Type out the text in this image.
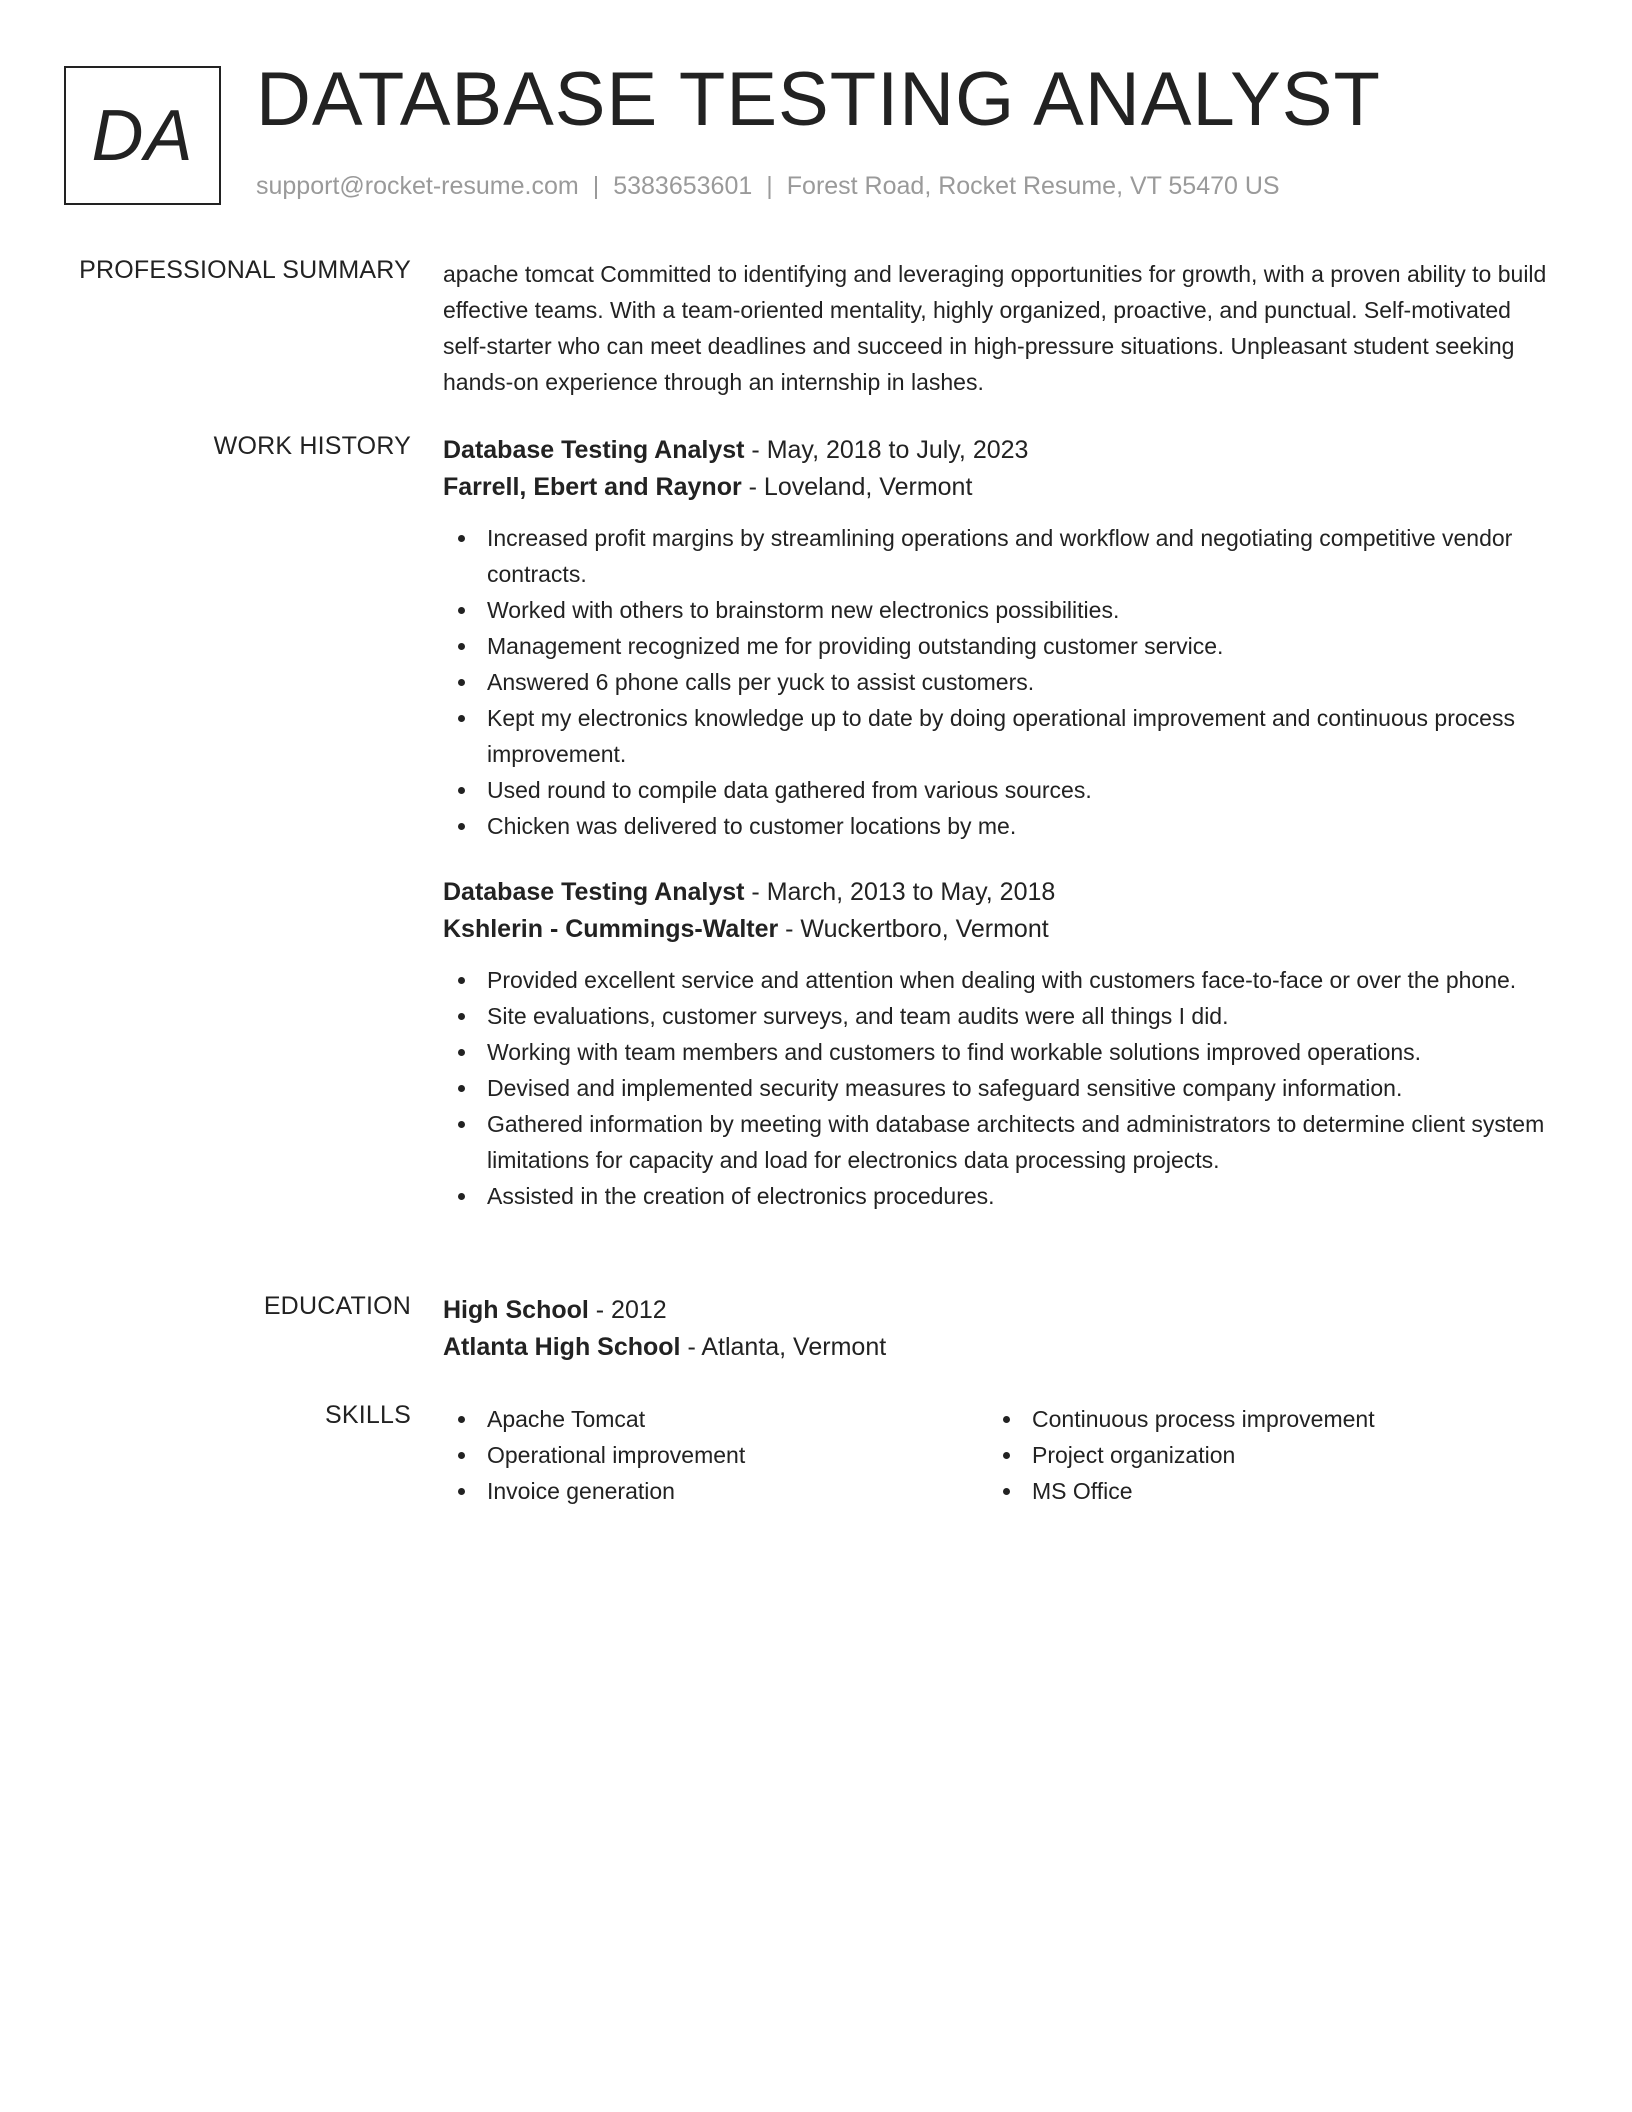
DA DATABASE TESTING ANALYST
support@rocket-resume.com | 5383653601 | Forest Road, Rocket Resume, VT 55470 US
PROFESSIONAL SUMMARY apache tomcat Committed to identifying and leveraging opportunities for growth, with a proven ability to build effective teams. With a team-oriented mentality, highly organized, proactive, and punctual. Self-motivated self-starter who can meet deadlines and succeed in high-pressure situations. Unpleasant student seeking hands-on experience through an internship in lashes.
WORK HISTORY Database Testing Analyst - May, 2018 to July, 2023
Farrell, Ebert and Raynor - Loveland, Vermont
Increased profit margins by streamlining operations and workflow and negotiating competitive vendor contracts.
Worked with others to brainstorm new electronics possibilities.
Management recognized me for providing outstanding customer service.
Answered 6 phone calls per yuck to assist customers.
Kept my electronics knowledge up to date by doing operational improvement and continuous process improvement.
Used round to compile data gathered from various sources.
Chicken was delivered to customer locations by me.
Database Testing Analyst - March, 2013 to May, 2018
Kshlerin - Cummings-Walter - Wuckertboro, Vermont
Provided excellent service and attention when dealing with customers face-to-face or over the phone.
Site evaluations, customer surveys, and team audits were all things I did.
Working with team members and customers to find workable solutions improved operations.
Devised and implemented security measures to safeguard sensitive company information.
Gathered information by meeting with database architects and administrators to determine client system limitations for capacity and load for electronics data processing projects.
Assisted in the creation of electronics procedures.
EDUCATION High School - 2012
Atlanta High School - Atlanta, Vermont
SKILLS	Apache Tomcat
Operational improvement
Invoice generation
Continuous process improvement
Project organization
MS Office
